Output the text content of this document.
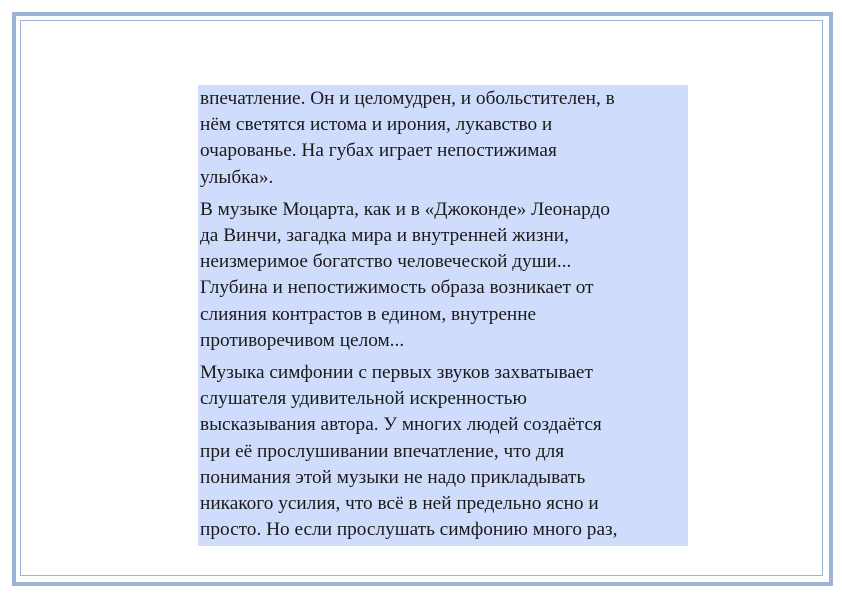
впечатление. Он и целомудрен, и обольстителен, в
нём светятся истома и ирония, лукавство и
очарованье. На губах играет непостижимая
улыбка».

В музыке Моцарта, как и в «Джоконде» Леонардо
да Винчи, загадка мира и внутренней жизни,
неизмеримое богатство человеческой души...
Глубина и непостижимость образа возникает от
слияния контрастов в едином, внутренне
противоречивом целом...

Музыка симфонии с первых звуков захватывает
слушателя удивительной искренностью
высказывания автора. У многих людей создаётся
при её прослушивании впечатление, что для
понимания этой музыки не надо прикладывать
никакого усилия, что всё в ней предельно ясно и
просто. Но если прослушать симфонию много раз,
